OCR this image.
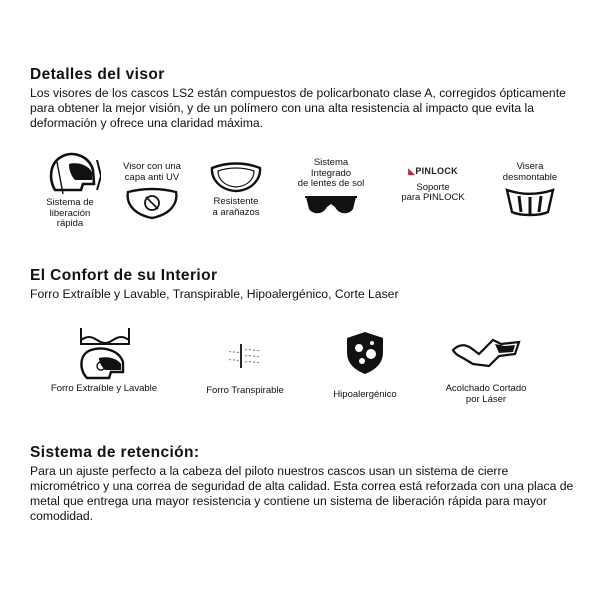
Detalles del visor

Los visores de los cascos LS2 están compuestos de policarbonato clase A, corregidos ópticamente para obtener la mejor visión, y de un polímero con una alta resistencia al impacto que evita la deformación y ofrece una claridad máxima.

Sistema de
liberación
rápida
Visor con una
capa anti UV
Resistente
a arañazos
Sistema
Integrado
de lentes de sol
◣PINLOCK
Soporte
para PINLOCK
Visera
desmontable
El Confort de su Interior

Forro Extraíble y Lavable, Transpirable, Hipoalergénico, Corte Laser

Forro Extraíble y Lavable	Forro Transpirable	Hipoalergénico
Acolchado Cortado
por Láser
Sistema de retención:

Para un ajuste perfecto a la cabeza del piloto nuestros cascos usan un sistema de cierre micrométrico y una correa de seguridad de alta calidad. Esta correa está reforzada con una placa de metal que entrega una mayor resistencia y contiene un sistema de liberación rápida para mayor comodidad.
